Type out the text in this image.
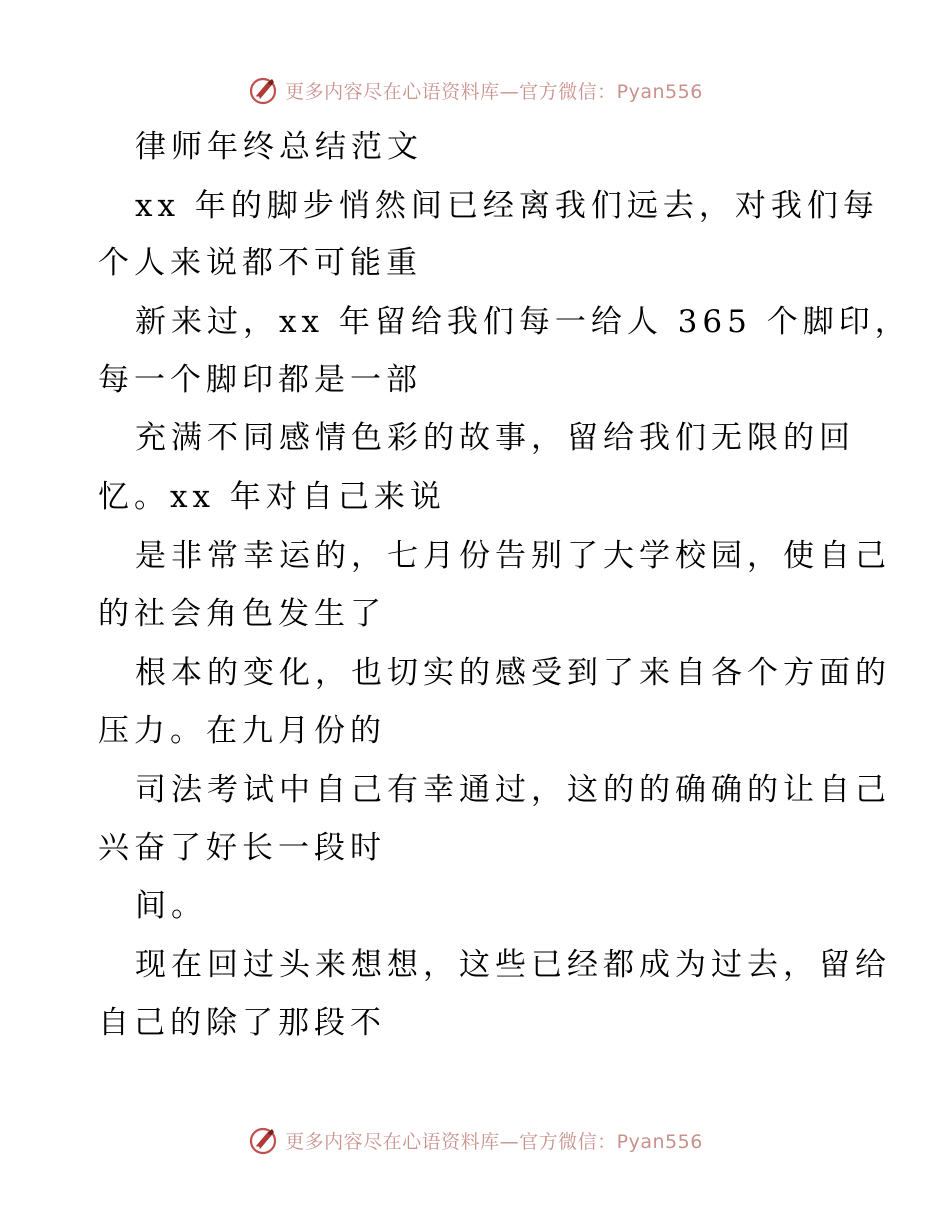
更多内容尽在心语资料库—官方微信：Pyan556
律师年终总结范文
xx 年的脚步悄然间已经离我们远去，对我们每
个人来说都不可能重
新来过，xx 年留给我们每一给人 365 个脚印，
每一个脚印都是一部
充满不同感情色彩的故事，留给我们无限的回
忆。xx 年对自己来说
是非常幸运的，七月份告别了大学校园，使自己
的社会角色发生了
根本的变化，也切实的感受到了来自各个方面的
压力。在九月份的
司法考试中自己有幸通过，这的的确确的让自己
兴奋了好长一段时
间。
现在回过头来想想，这些已经都成为过去，留给
自己的除了那段不
更多内容尽在心语资料库—官方微信：Pyan556
